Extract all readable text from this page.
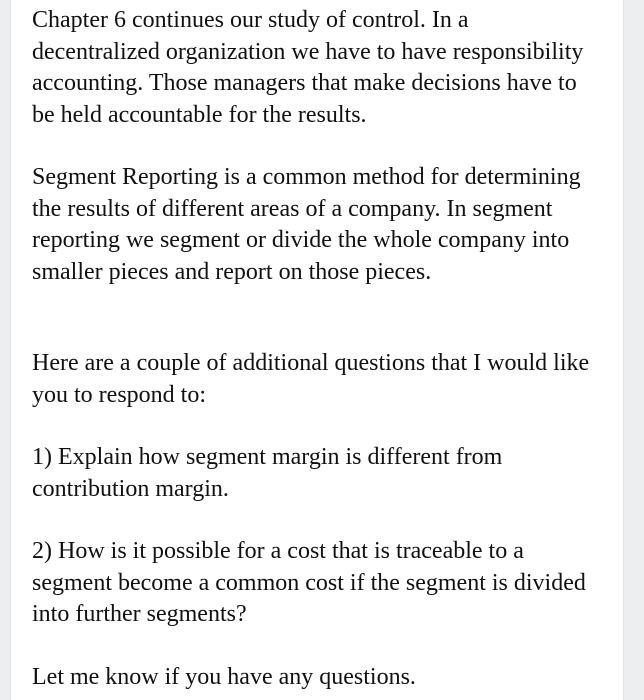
Chapter 6 continues our study of control. In a
decentralized organization we have to have responsibility
accounting. Those managers that make decisions have to
be held accountable for the results.

Segment Reporting is a common method for determining
the results of different areas of a company. In segment
reporting we segment or divide the whole company into
smaller pieces and report on those pieces.

Here are a couple of additional questions that I would like
you to respond to:

1) Explain how segment margin is different from
contribution margin.

2) How is it possible for a cost that is traceable to a
segment become a common cost if the segment is divided
into further segments?

Let me know if you have any questions.
